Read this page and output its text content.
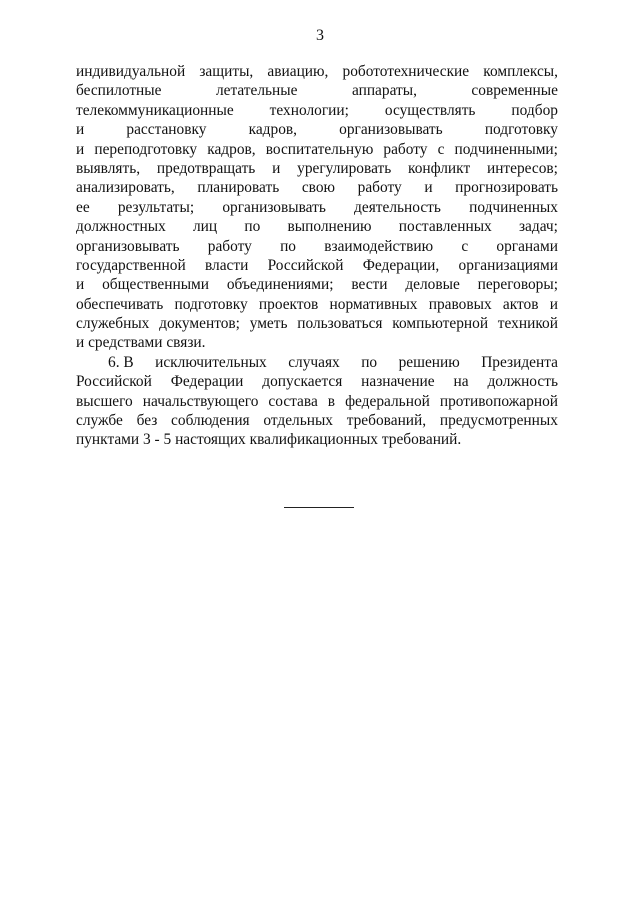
3
индивидуальной защиты, авиацию, робототехнические комплексы,
беспилотные	летательные	аппараты,	современные
телекоммуникационные технологии; осуществлять подбор
и	расстановку	кадров,	организовывать	подготовку
и переподготовку кадров, воспитательную работу с подчиненными;
выявлять, предотвращать и урегулировать конфликт интересов;
анализировать, планировать свою работу и прогнозировать
ее результаты; организовывать деятельность подчиненных
должностных лиц по выполнению поставленных задач;
организовывать работу по взаимодействию с органами
государственной власти Российской Федерации, организациями
и общественными объединениями; вести деловые переговоры;
обеспечивать подготовку проектов нормативных правовых актов и
служебных документов; уметь пользоваться компьютерной техникой
и средствами связи.
6. В исключительных случаях по решению Президента
Российской Федерации допускается назначение на должность
высшего начальствующего состава в федеральной противопожарной
службе без соблюдения отдельных требований, предусмотренных
пунктами 3 - 5 настоящих квалификационных требований.
